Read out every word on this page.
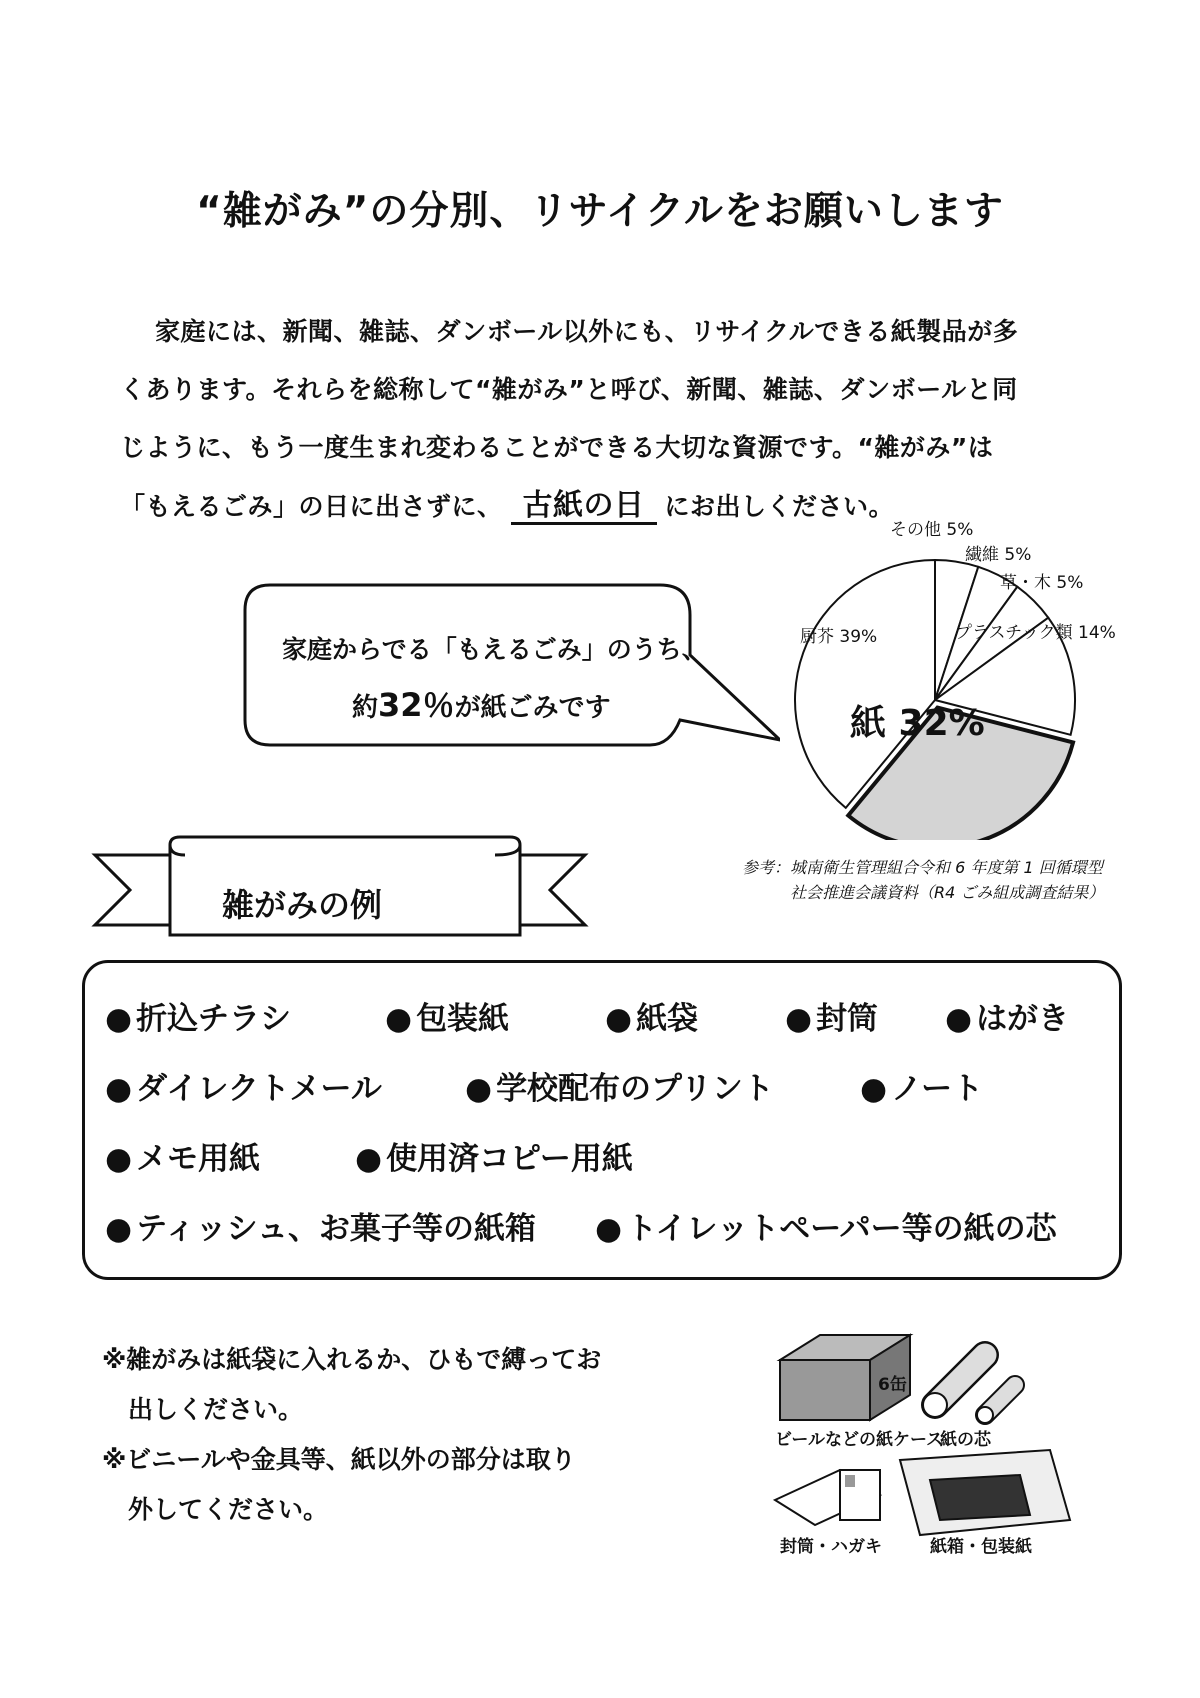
“雑がみ”の分別、リサイクルをお願いします
家庭には、新聞、雑誌、ダンボール以外にも、リサイクルできる紙製品が多
くあります。それらを総称して“雑がみ”と呼び、新聞、雑誌、ダンボールと同
じように、もう一度生まれ変わることができる大切な資源です。“雑がみ”は
「もえるごみ」の日に出さずに、 古紙の日 にお出しください。
家庭からでる「もえるごみ」のうち、
約32％が紙ごみです
その他 5%
繊維 5%
草・木 5%
プラスチック類 14%
紙 32%
厨芥 39%
参考：城南衛生管理組合令和 6 年度第 1 回循環型
社会推進会議資料（R4 ごみ組成調査結果）
雑がみの例
● 折込チラシ	● 包装紙	● 紙袋	● 封筒	● はがき
● ダイレクトメール	● 学校配布のプリント	● ノート
● メモ用紙	● 使用済コピー用紙
● ティッシュ、お菓子等の紙箱	● トイレットペーパー等の紙の芯
※雑がみは紙袋に入れるか、ひもで縛ってお
出しください。
※ビニールや金具等、紙以外の部分は取り
外してください。
6缶
ビールなどの紙ケース
紙の芯
封筒・ハガキ	紙箱・包装紙
